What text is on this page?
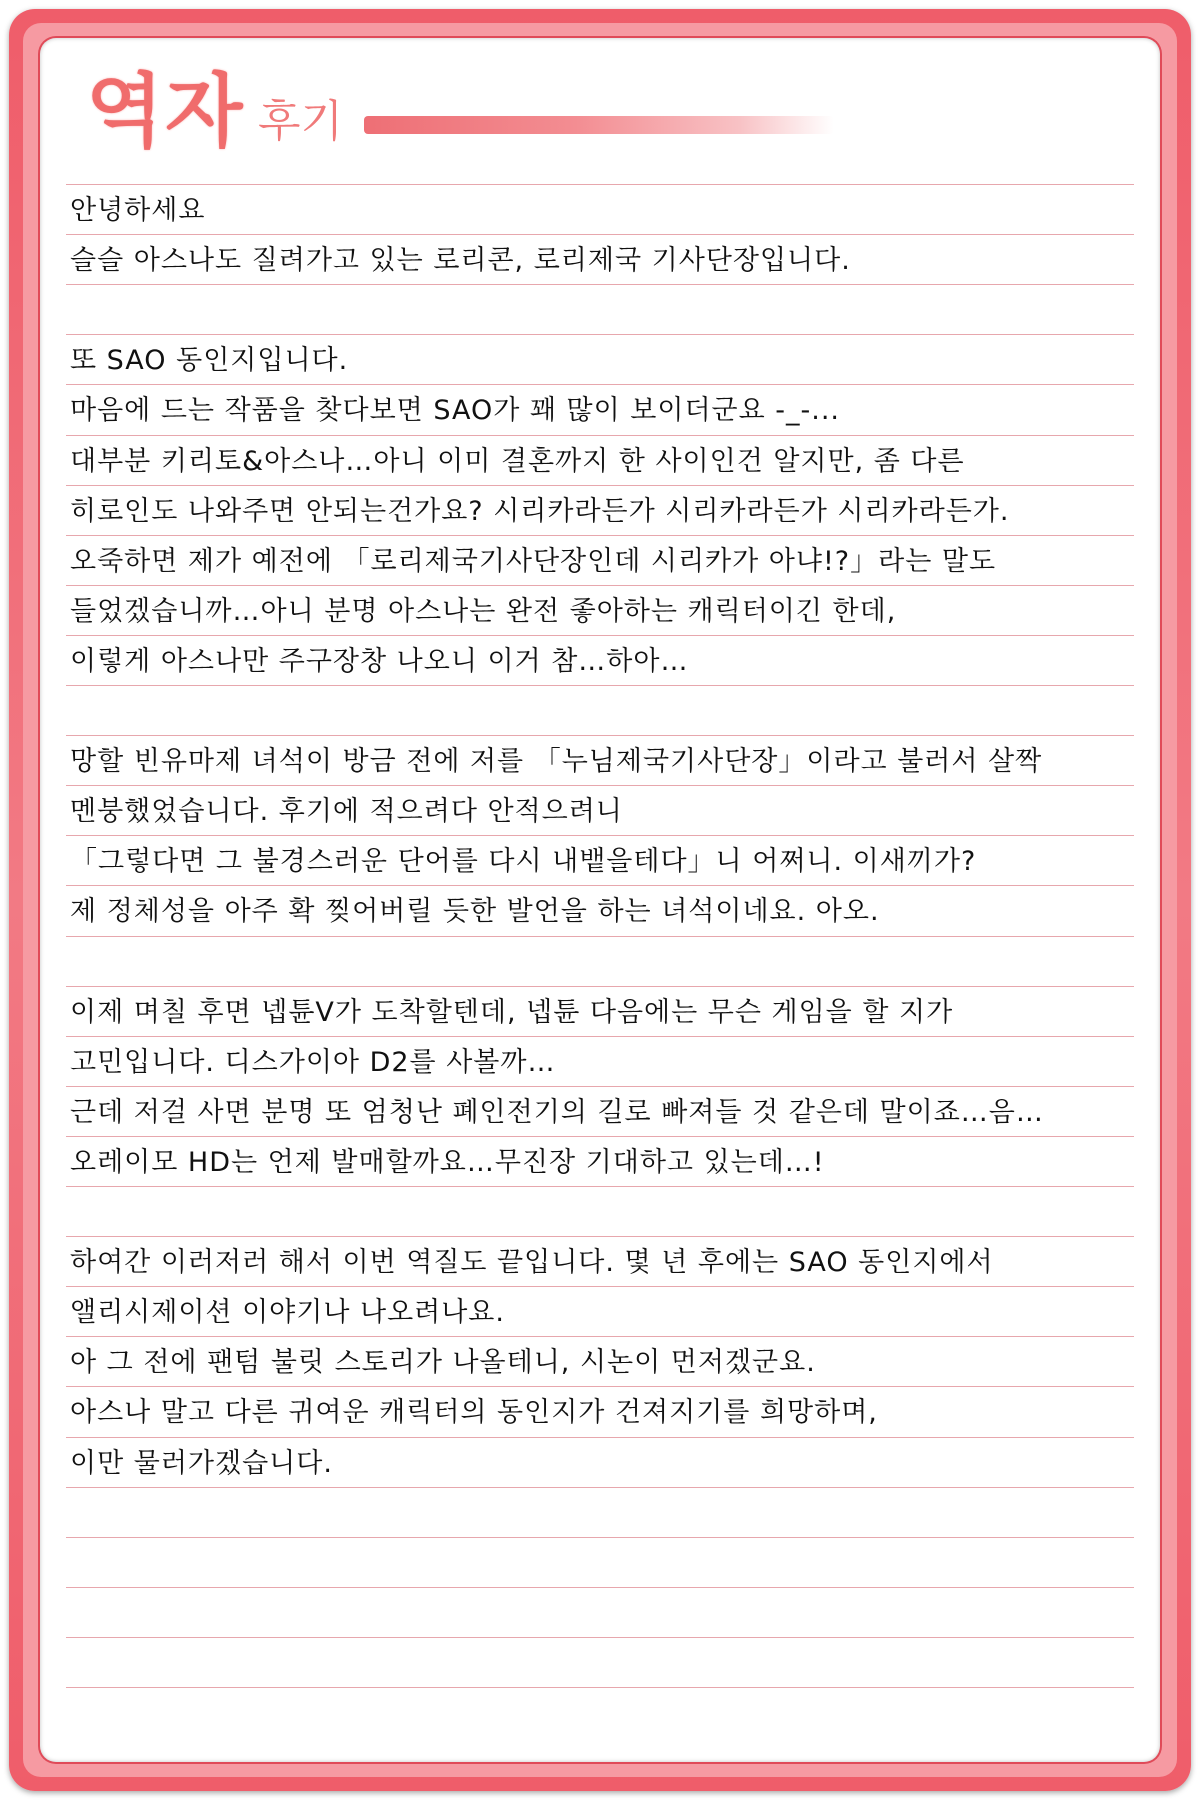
역자 후기
안녕하세요
슬슬 아스나도 질려가고 있는 로리콘, 로리제국 기사단장입니다.
또 SAO 동인지입니다.
마음에 드는 작품을 찾다보면 SAO가 꽤 많이 보이더군요 -_-...
대부분 키리토&아스나…아니 이미 결혼까지 한 사이인건 알지만, 좀 다른
히로인도 나와주면 안되는건가요? 시리카라든가 시리카라든가 시리카라든가.
오죽하면 제가 예전에 「로리제국기사단장인데 시리카가 아냐!?」라는 말도
들었겠습니까…아니 분명 아스나는 완전 좋아하는 캐릭터이긴 한데,
이렇게 아스나만 주구장창 나오니 이거 참…하아…
망할 빈유마제 녀석이 방금 전에 저를 「누님제국기사단장」이라고 불러서 살짝
멘붕했었습니다. 후기에 적으려다 안적으려니
「그렇다면 그 불경스러운 단어를 다시 내뱉을테다」니 어쩌니. 이새끼가?
제 정체성을 아주 확 찢어버릴 듯한 발언을 하는 녀석이네요. 아오.
이제 며칠 후면 넵튠V가 도착할텐데, 넵튠 다음에는 무슨 게임을 할 지가
고민입니다. 디스가이아 D2를 사볼까…
근데 저걸 사면 분명 또 엄청난 폐인전기의 길로 빠져들 것 같은데 말이죠…음…
오레이모 HD는 언제 발매할까요…무진장 기대하고 있는데…!
하여간 이러저러 해서 이번 역질도 끝입니다. 몇 년 후에는 SAO 동인지에서
앨리시제이션 이야기나 나오려나요.
아 그 전에 팬텀 불릿 스토리가 나올테니, 시논이 먼저겠군요.
아스나 말고 다른 귀여운 캐릭터의 동인지가 건져지기를 희망하며,
이만 물러가겠습니다.
